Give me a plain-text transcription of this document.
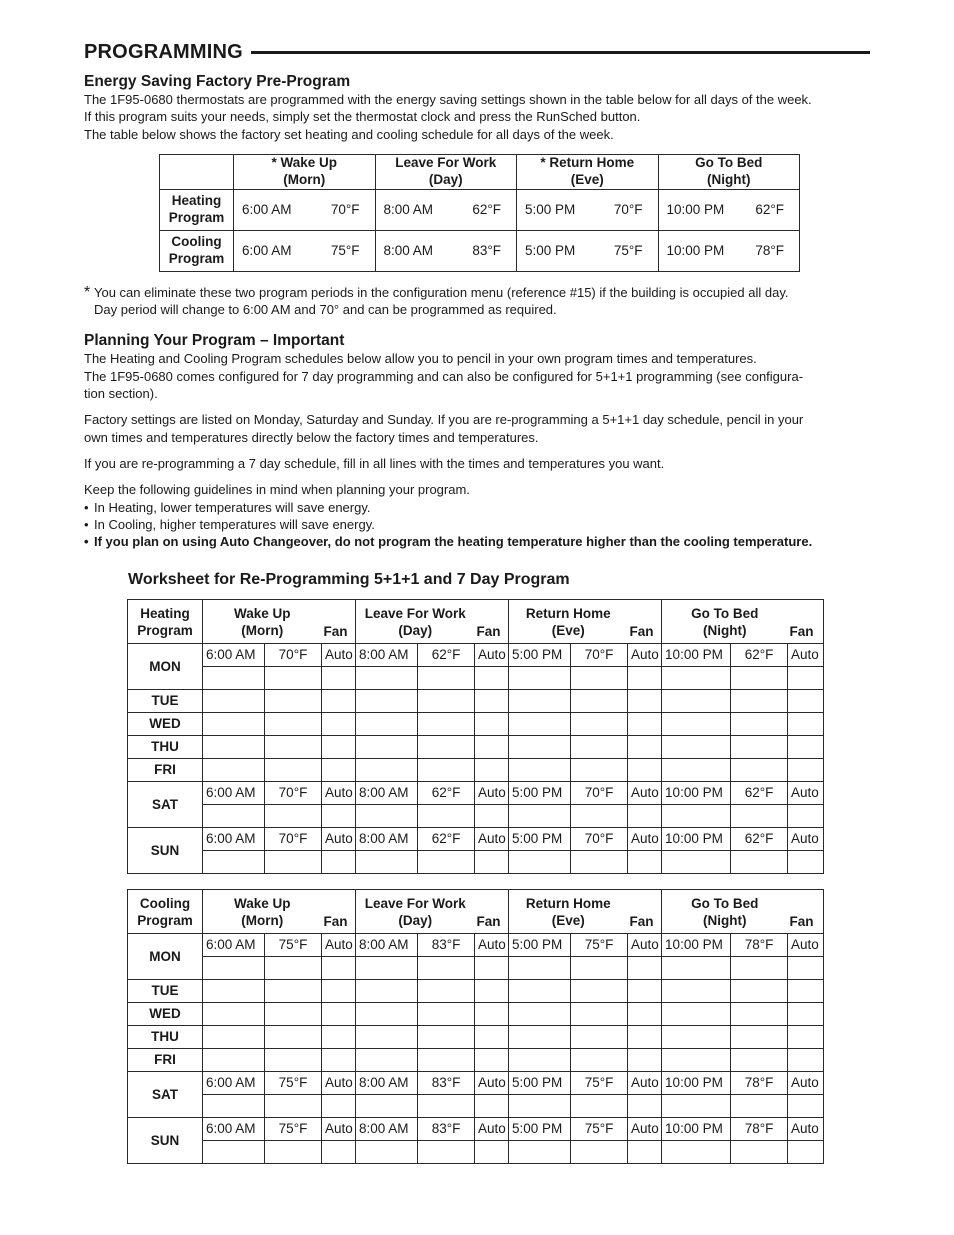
PROGRAMMING
Energy Saving Factory Pre-Program

The 1F95-0680 thermostats are programmed with the energy saving settings shown in the table below for all days of the week.

If this program suits your needs, simply set the thermostat clock and press the RunSched button.

The table below shows the factory set heating and cooling schedule for all days of the week.

	* Wake Up
(Morn)		Leave For Work
(Day)		* Return Home
(Eve)		Go To Bed
(Night)	
Heating
Program	6:00 AM	70°F	8:00 AM	62°F	5:00 PM	70°F	10:00 PM	62°F
Cooling
Program	6:00 AM	75°F	8:00 AM	83°F	5:00 PM	75°F	10:00 PM	78°F
* You can eliminate these two program periods in the configuration menu (reference #15) if the building is occupied all day.

Day period will change to 6:00 AM and 70° and can be programmed as required.

Planning Your Program – Important

The Heating and Cooling Program schedules below allow you to pencil in your own program times and temperatures.

The 1F95-0680 comes configured for 7 day programming and can also be configured for 5+1+1 programming (see configura-

tion section).

Factory settings are listed on Monday, Saturday and Sunday. If you are re-programming a 5+1+1 day schedule, pencil in your

own times and temperatures directly below the factory times and temperatures.

If you are re-programming a 7 day schedule, fill in all lines with the times and temperatures you want.

Keep the following guidelines in mind when planning your program.

• In Heating, lower temperatures will save energy.
• In Cooling, higher temperatures will save energy.
• If you plan on using Auto Changeover, do not program the heating temperature higher than the cooling temperature.
Worksheet for Re-Programming 5+1+1 and 7 Day Program
Heating
Program	Wake Up
(Morn)		Fan	Leave For Work
(Day)		Fan	Return Home
(Eve)		Fan	Go To Bed
(Night)		Fan
MON	6:00 AM	70°F	Auto	8:00 AM	62°F	Auto	5:00 PM	70°F	Auto	10:00 PM	62°F	Auto

TUE												
WED												
THU												
FRI												
SAT	6:00 AM	70°F	Auto	8:00 AM	62°F	Auto	5:00 PM	70°F	Auto	10:00 PM	62°F	Auto

SUN	6:00 AM	70°F	Auto	8:00 AM	62°F	Auto	5:00 PM	70°F	Auto	10:00 PM	62°F	Auto

Cooling
Program	Wake Up
(Morn)		Fan	Leave For Work
(Day)		Fan	Return Home
(Eve)		Fan	Go To Bed
(Night)		Fan
MON	6:00 AM	75°F	Auto	8:00 AM	83°F	Auto	5:00 PM	75°F	Auto	10:00 PM	78°F	Auto

TUE												
WED												
THU												
FRI												
SAT	6:00 AM	75°F	Auto	8:00 AM	83°F	Auto	5:00 PM	75°F	Auto	10:00 PM	78°F	Auto

SUN	6:00 AM	75°F	Auto	8:00 AM	83°F	Auto	5:00 PM	75°F	Auto	10:00 PM	78°F	Auto
